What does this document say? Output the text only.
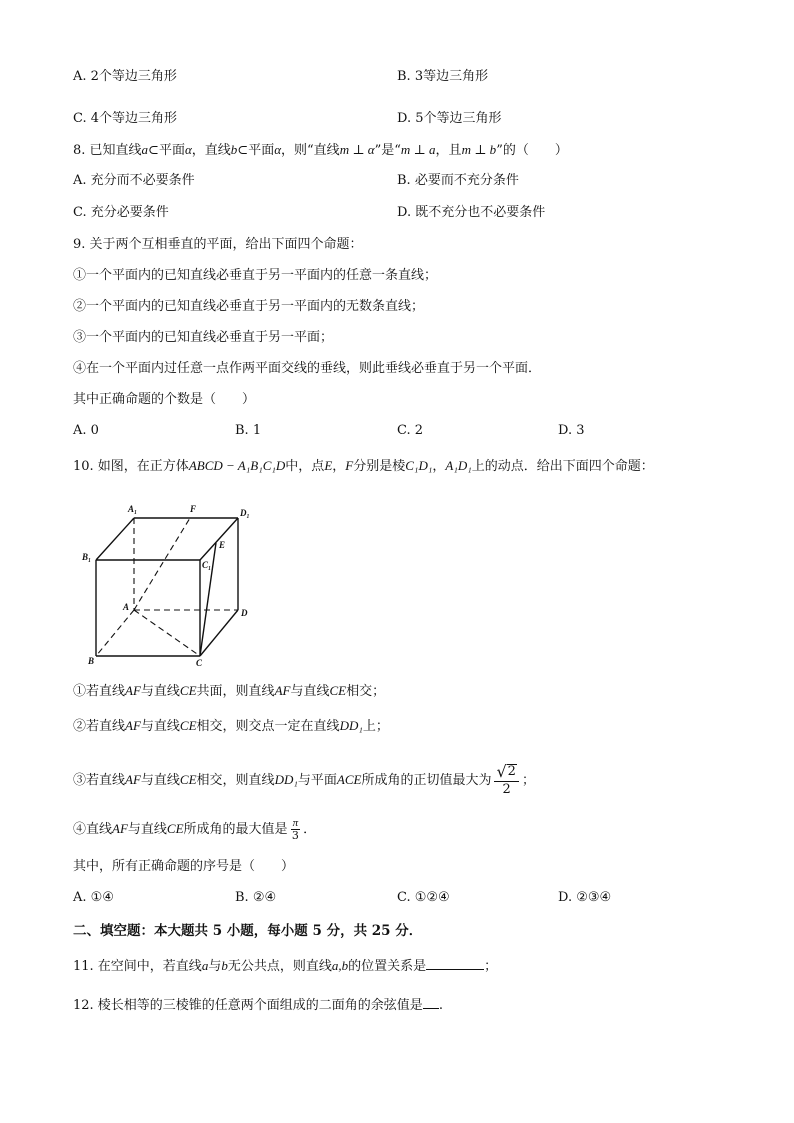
A. 2个等边三角形	B. 3等边三角形
C. 4个等边三角形	D. 5个等边三角形
8. 已知直线a⊂平面α，直线b⊂平面α，则“直线m ⊥ α”是“m ⊥ a，且m ⊥ b”的（　　）
A. 充分而不必要条件	B. 必要而不充分条件
C. 充分必要条件	D. 既不充分也不必要条件
9. 关于两个互相垂直的平面，给出下面四个命题：
①一个平面内的已知直线必垂直于另一平面内的任意一条直线；
②一个平面内的已知直线必垂直于另一平面内的无数条直线；
③一个平面内的已知直线必垂直于另一平面；
④在一个平面内过任意一点作两平面交线的垂线，则此垂线必垂直于另一个平面．
其中正确命题的个数是（　　）
A. 0	B. 1	C. 2	D. 3
10. 如图，在正方体ABCD − A₁B₁C₁D中，点E，F分别是棱C₁D₁，A₁D₁上的动点．给出下面四个命题：
A₁	F	D₁
B₁
E
C₁
A
D
B	C
①若直线AF与直线CE共面，则直线AF与直线CE相交；
②若直线AF与直线CE相交，则交点一定在直线DD₁上；
③若直线AF与直线CE相交，则直线DD₁与平面ACE所成角的正切值最大为 $\frac{√ 2}{2}$ ；
④直线AF与直线CE所成角的最大值是 $\frac{\pi}{3}$ ．
其中，所有正确命题的序号是（　　）
A. ①④	B. ②④	C. ①②④	D. ②③④
二、填空题：本大题共 5 小题，每小题 5 分，共 25 分．
11. 在空间中，若直线a与b无公共点，则直线a,b的位置关系是	；
12. 棱长相等的三棱锥的任意两个面组成的二面角的余弦值是 .
